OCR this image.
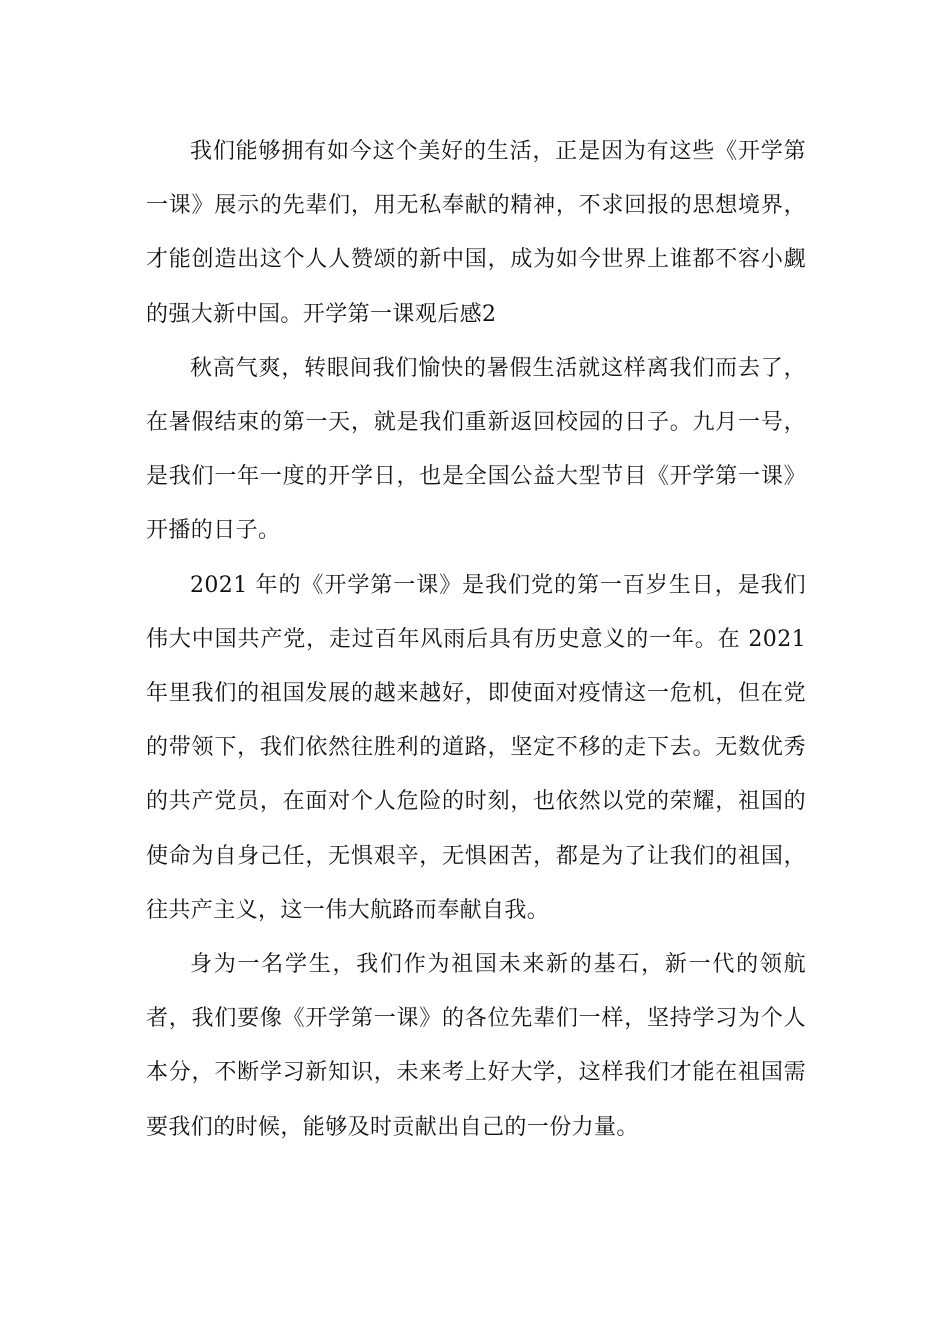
我们能够拥有如今这个美好的生活，正是因为有这些《开学第一课》展示的先辈们，用无私奉献的精神，不求回报的思想境界，才能创造出这个人人赞颂的新中国，成为如今世界上谁都不容小觑的强大新中国。开学第一课观后感2

秋高气爽，转眼间我们愉快的暑假生活就这样离我们而去了，在暑假结束的第一天，就是我们重新返回校园的日子。九月一号，是我们一年一度的开学日，也是全国公益大型节目《开学第一课》开播的日子。

2021 年的《开学第一课》是我们党的第一百岁生日，是我们伟大中国共产党，走过百年风雨后具有历史意义的一年。在 2021 年里我们的祖国发展的越来越好，即使面对疫情这一危机，但在党的带领下，我们依然往胜利的道路，坚定不移的走下去。无数优秀的共产党员，在面对个人危险的时刻，也依然以党的荣耀，祖国的使命为自身己任，无惧艰辛，无惧困苦，都是为了让我们的祖国，往共产主义，这一伟大航路而奉献自我。

身为一名学生，我们作为祖国未来新的基石，新一代的领航者，我们要像《开学第一课》的各位先辈们一样，坚持学习为个人本分，不断学习新知识，未来考上好大学，这样我们才能在祖国需要我们的时候，能够及时贡献出自己的一份力量。
